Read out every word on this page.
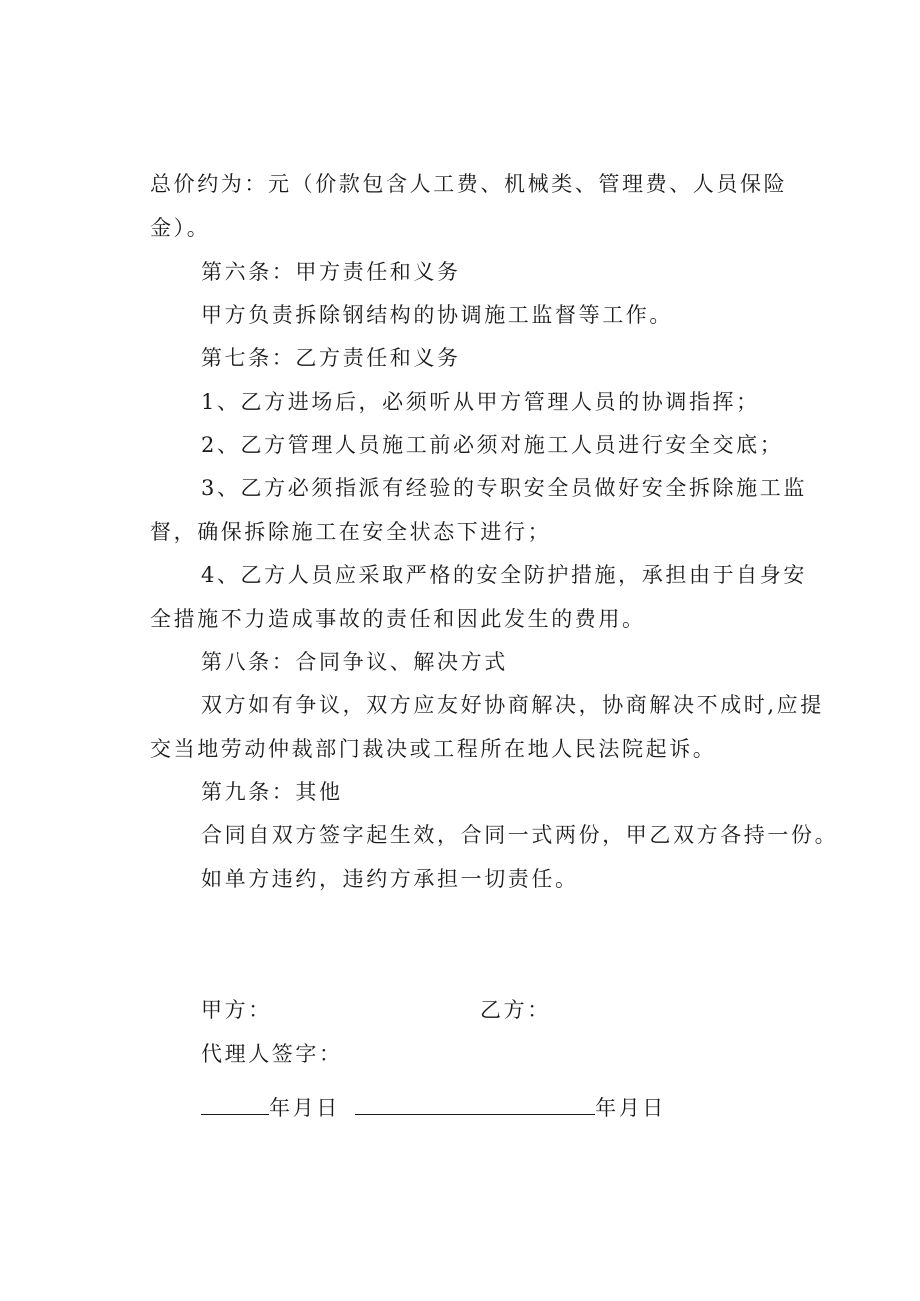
总价约为：元（价款包含人工费、机械类、管理费、人员保险
金）。
第六条：甲方责任和义务
甲方负责拆除钢结构的协调施工监督等工作。
第七条：乙方责任和义务
1、乙方进场后，必须听从甲方管理人员的协调指挥；
2、乙方管理人员施工前必须对施工人员进行安全交底；
3、乙方必须指派有经验的专职安全员做好安全拆除施工监
督，确保拆除施工在安全状态下进行；
4、乙方人员应采取严格的安全防护措施，承担由于自身安
全措施不力造成事故的责任和因此发生的费用。
第八条：合同争议、解决方式
双方如有争议，双方应友好协商解决，协商解决不成时,应提
交当地劳动仲裁部门裁决或工程所在地人民法院起诉。
第九条：其他
合同自双方签字起生效，合同一式两份，甲乙双方各持一份。
如单方违约，违约方承担一切责任。
甲方：	乙方：
代理人签字：
年月日	年月日
